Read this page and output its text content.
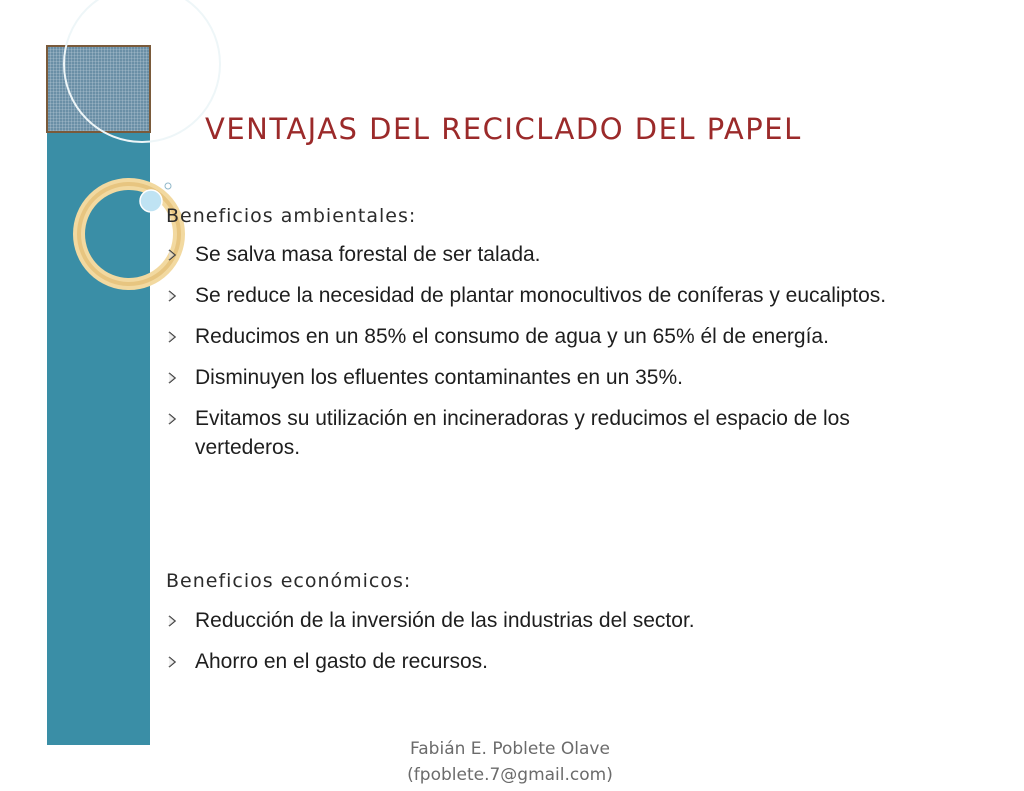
VENTAJAS DEL RECICLADO DEL PAPEL
Beneficios ambientales:
Se salva masa forestal de ser talada.
Se reduce la necesidad de plantar monocultivos de coníferas y eucaliptos.
Reducimos en un 85% el consumo de agua y un 65% él de energía.
Disminuyen los efluentes contaminantes en un 35%.
Evitamos su utilización en incineradoras y reducimos el espacio de los vertederos.
Beneficios económicos:
Reducción de la inversión de las industrias del sector.
Ahorro en el gasto de recursos.
Fabián E. Poblete Olave
(fpoblete.7@gmail.com)
